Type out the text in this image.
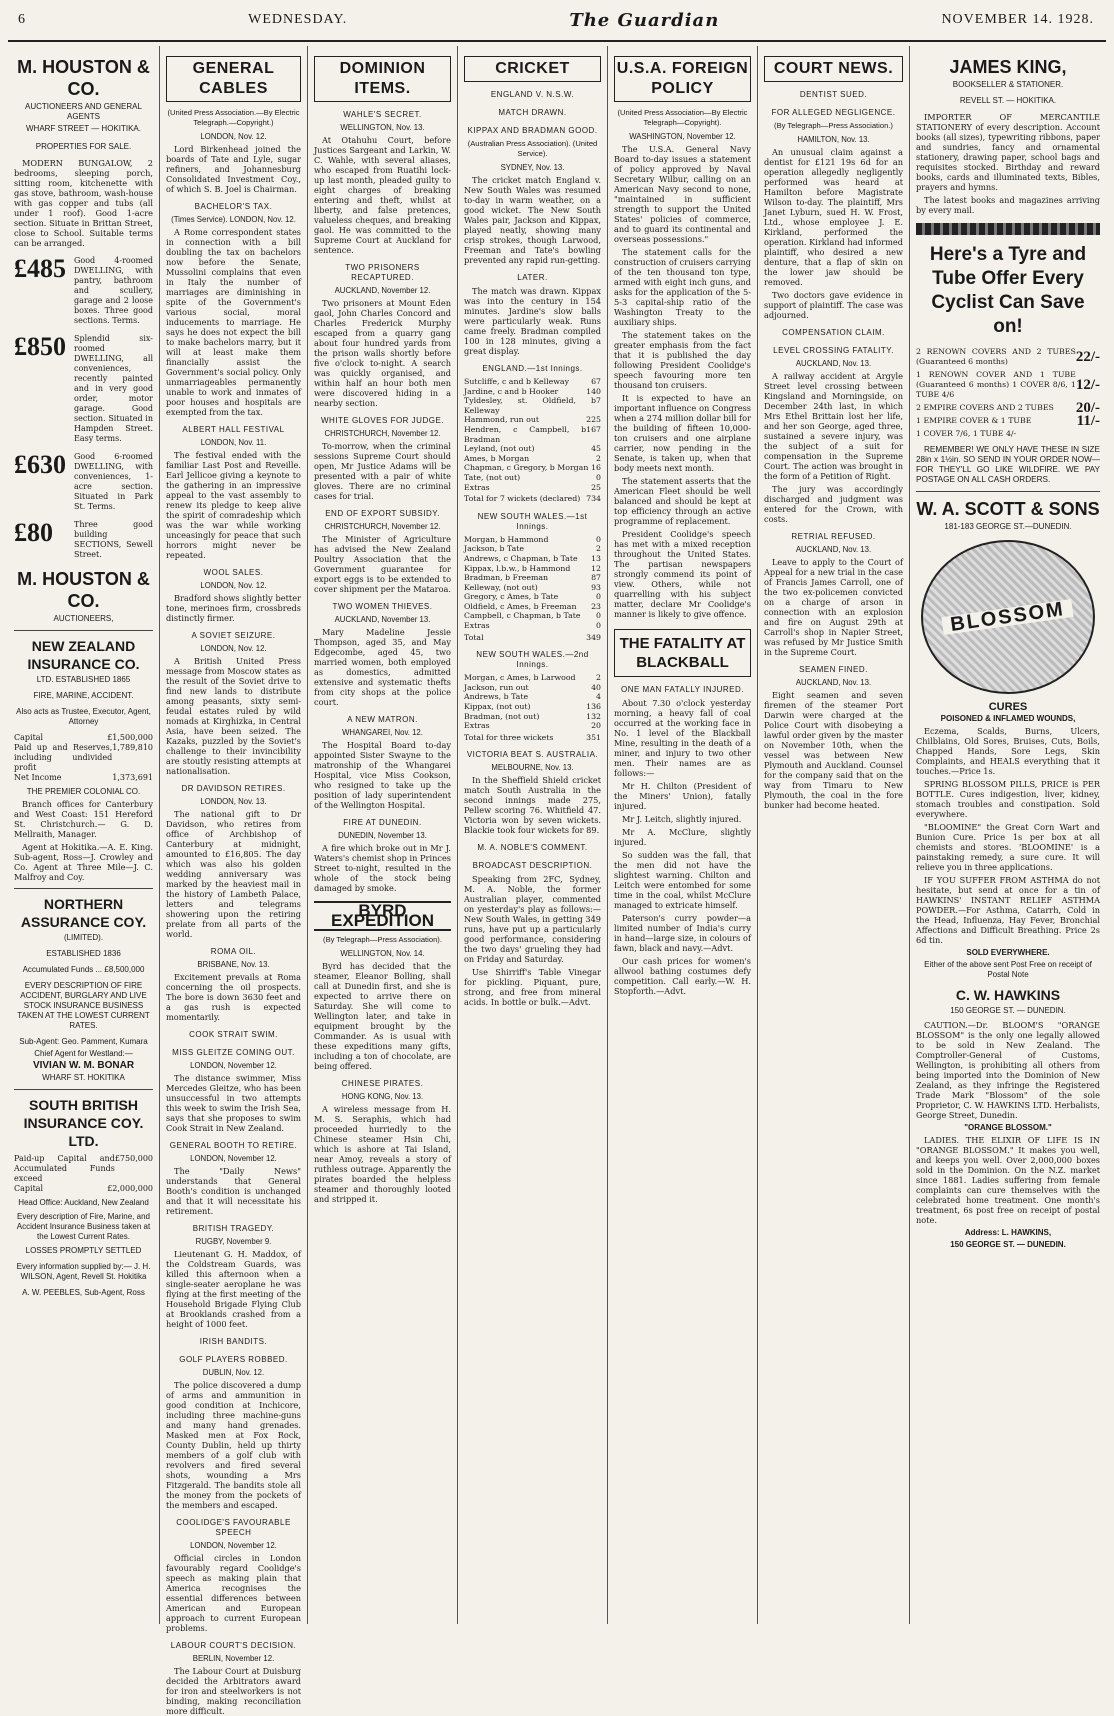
6	WEDNESDAY.	The Guardian	NOVEMBER 14. 1928.
M. HOUSTON & CO.
AUCTIONEERS AND GENERAL AGENTS
WHARF STREET — HOKITIKA.
PROPERTIES FOR SALE.

MODERN BUNGALOW, 2 bedrooms, sleeping porch, sitting room, kitchenette with gas stove, bathroom, wash-house with gas copper and tubs (all under 1 roof). Good 1-acre section. Situate in Brittan Street, close to School. Suitable terms can be arranged.

£485	Good 4-roomed DWELLING, with pantry, bathroom and scullery, garage and 2 loose boxes. Three good sections. Terms.
£850	Splendid six-roomed DWELLING, all conveniences, recently painted and in very good order, motor garage. Good section. Situated in Hampden Street. Easy terms.
£630	Good 6-roomed DWELLING, with conveniences, 1-acre section. Situated in Park St. Terms.
£80	Three good building SECTIONS, Sewell Street.
M. HOUSTON & CO.
AUCTIONEERS,
NEW ZEALAND INSURANCE CO.
LTD. ESTABLISHED 1865
FIRE, MARINE, ACCIDENT.
Also acts as Trustee, Executor, Agent, Attorney
Capital	£1,500,000
Paid up and Reserves, including undivided profit
1,789,810
Net Income	1,373,691
THE PREMIER COLONIAL CO.

Branch offices for Canterbury and West Coast: 151 Hereford St. Christchurch.— G. D. Mellraith, Manager.

Agent at Hokitika.—A. E. King. Sub-agent, Ross—J. Crowley and Co. Agent at Three Mile—J. C. Malfroy and Coy.

NORTHERN ASSURANCE COY.
(LIMITED).
ESTABLISHED 1836
Accumulated Funds ... £8,500,000
EVERY DESCRIPTION OF FIRE ACCIDENT, BURGLARY AND LIVE STOCK INSURANCE BUSINESS TAKEN AT THE LOWEST CURRENT RATES.
Sub-Agent: Geo. Pamment, Kumara
Chief Agent for Westland:—
VIVIAN W. M. BONAR
WHARF ST. HOKITIKA
SOUTH BRITISH INSURANCE COY. LTD.
Paid-up Capital and Accumulated Funds exceed
£750,000
Capital	£2,000,000
Head Office: Auckland, New Zealand
Every description of Fire, Marine, and Accident Insurance Business taken at the Lowest Current Rates.
LOSSES PROMPTLY SETTLED
Every information supplied by:— J. H. WILSON, Agent, Revell St. Hokitika
A. W. PEEBLES, Sub-Agent, Ross
GENERAL CABLES
(United Press Association.—By Electric Telegraph.—Copyright.)
LONDON, Nov. 12.

Lord Birkenhead joined the boards of Tate and Lyle, sugar refiners, and Johannesburg Consolidated Investment Coy., of which S. B. Joel is Chairman.

BACHELOR'S TAX.
(Times Service). LONDON, Nov. 12.

A Rome correspondent states in connection with a bill doubling the tax on bachelors now before the Senate, Mussolini complains that even in Italy the number of marriages are diminishing in spite of the Government's various social, moral inducements to marriage. He says he does not expect the bill to make bachelors marry, but it will at least make them financially assist the Government's social policy. Only unmarriageables permanently unable to work and inmates of poor houses and hospitals are exempted from the tax.

ALBERT HALL FESTIVAL
LONDON, Nov. 11.

The festival ended with the familiar Last Post and Reveille. Earl Jellicoe giving a keynote to the gathering in an impressive appeal to the vast assembly to renew its pledge to keep alive the spirit of comradeship which was the war while working unceasingly for peace that such horrors might never be repeated.

WOOL SALES.
LONDON, Nov. 12.

Bradford shows slightly better tone, merinoes firm, crossbreds distinctly firmer.

A SOVIET SEIZURE.
LONDON, Nov. 12.

A British United Press message from Moscow states as the result of the Soviet drive to find new lands to distribute among peasants, sixty semi-feudal estates ruled by wild nomads at Kirghizka, in Central Asia, have been seized. The Kazaks, puzzled by the Soviet's challenge to their invincibility are stoutly resisting attempts at nationalisation.

DR DAVIDSON RETIRES.
LONDON, Nov. 13.

The national gift to Dr Davidson, who retires from office of Archbishop of Canterbury at midnight, amounted to £16,805. The day which was also his golden wedding anniversary was marked by the heaviest mail in the history of Lambeth Palace, letters and telegrams showering upon the retiring prelate from all parts of the world.

ROMA OIL.
BRISBANE, Nov. 13.

Excitement prevails at Roma concerning the oil prospects. The bore is down 3630 feet and a gas rush is expected momentarily.

COOK STRAIT SWIM.
MISS GLEITZE COMING OUT.
LONDON, November 12.

The distance swimmer, Miss Mercedes Gleitze, who has been unsuccessful in two attempts this week to swim the Irish Sea, says that she proposes to swim Cook Strait in New Zealand.

GENERAL BOOTH TO RETIRE.
LONDON, November 12.

The "Daily News" understands that General Booth's condition is unchanged and that it will necessitate his retirement.

BRITISH TRAGEDY.
RUGBY, November 9.

Lieutenant G. H. Maddox, of the Coldstream Guards, was killed this afternoon when a single-seater aeroplane he was flying at the first meeting of the Household Brigade Flying Club at Brooklands crashed from a height of 1000 feet.

IRISH BANDITS.
GOLF PLAYERS ROBBED.
DUBLIN, Nov. 12.

The police discovered a dump of arms and ammunition in good condition at Inchicore, including three machine-guns and many hand grenades. Masked men at Fox Rock, County Dublin, held up thirty members of a golf club with revolvers and fired several shots, wounding a Mrs Fitzgerald. The bandits stole all the money from the pockets of the members and escaped.

COOLIDGE'S FAVOURABLE SPEECH
LONDON, November 12.

Official circles in London favourably regard Coolidge's speech as making plain that America recognises the essential differences between American and European approach to current European problems.

LABOUR COURT'S DECISION.
BERLIN, November 12.

The Labour Court at Duisburg decided the Arbitrators award for iron and steelworkers is not binding, making reconciliation more difficult.

DOMINION ITEMS.
WAHLE'S SECRET.
WELLINGTON, Nov. 13.

At Otahuhu Court, before Justices Sargeant and Larkin, W. C. Wahle, with several aliases, who escaped from Ruatihi lock-up last month, pleaded guilty to eight charges of breaking entering and theft, whilst at liberty, and false pretences, valueless cheques, and breaking gaol. He was committed to the Supreme Court at Auckland for sentence.

TWO PRISONERS RECAPTURED.
AUCKLAND, November 12.

Two prisoners at Mount Eden gaol, John Charles Concord and Charles Frederick Murphy escaped from a quarry gang about four hundred yards from the prison walls shortly before five o'clock to-night. A search was quickly organised, and within half an hour both men were discovered hiding in a nearby section.

WHITE GLOVES FOR JUDGE.
CHRISTCHURCH, November 12.

To-morrow, when the criminal sessions Supreme Court should open, Mr Justice Adams will be presented with a pair of white gloves. There are no criminal cases for trial.

END OF EXPORT SUBSIDY.
CHRISTCHURCH, November 12.

The Minister of Agriculture has advised the New Zealand Poultry Association that the Government guarantee for export eggs is to be extended to cover shipment per the Mataroa.

TWO WOMEN THIEVES.
AUCKLAND, November 13.

Mary Madeline Jessie Thompson, aged 35, and May Edgecombe, aged 45, two married women, both employed as domestics, admitted extensive and systematic thefts from city shops at the police court.

A NEW MATRON.
WHANGAREI, Nov. 12.

The Hospital Board to-day appointed Sister Swayne to the matronship of the Whangarei Hospital, vice Miss Cookson, who resigned to take up the position of lady superintendent of the Wellington Hospital.

FIRE AT DUNEDIN.
DUNEDIN, November 13.

A fire which broke out in Mr J. Waters's chemist shop in Princes Street to-night, resulted in the whole of the stock being damaged by smoke.

BYRD EXPEDITION
(By Telegraph—Press Association).
WELLINGTON, Nov. 14.

Byrd has decided that the steamer, Eleanor Bolling, shall call at Dunedin first, and she is expected to arrive there on Saturday. She will come to Wellington later, and take in equipment brought by the Commander. As is usual with these expeditions many gifts, including a ton of chocolate, are being offered.

CHINESE PIRATES.
HONG KONG, Nov. 13.

A wireless message from H. M. S. Seraphis, which had proceeded hurriedly to the Chinese steamer Hsin Chi, which is ashore at Tai Island, near Amoy, reveals a story of ruthless outrage. Apparently the pirates boarded the helpless steamer and thoroughly looted and stripped it.

CRICKET
ENGLAND V. N.S.W.
MATCH DRAWN.
KIPPAX AND BRADMAN GOOD.
(Australian Press Association). (United Service).
SYDNEY, Nov. 13.

The cricket match England v. New South Wales was resumed to-day in warm weather, on a good wicket. The New South Wales pair, Jackson and Kippax, played neatly, showing many crisp strokes, though Larwood, Freeman and Tate's bowling prevented any rapid run-getting.

LATER.

The match was drawn. Kippax was into the century in 154 minutes. Jardine's slow balls were particularly weak. Runs came freely. Bradman compiled 100 in 128 minutes, giving a great display.

ENGLAND.—1st Innings.
Sutcliffe, c and b Kelleway	67
Jardine, c and b Hooker	140
Tyldesley, st. Oldfield, b Kelleway
7
Hammond, run out	225
Hendren, c Campbell, b Bradman
167
Leyland, (not out)	45
Ames, b Morgan	2
Chapman, c Gregory, b Morgan 16
Tate, (not out)	0
Extras	25
Total for 7 wickets (declared) 734
NEW SOUTH WALES.—1st Innings.
Morgan, b Hammond	0
Jackson, b Tate	2
Andrews, c Chapman, b Tate 13
Kippax, l.b.w., b Hammond	12
Bradman, b Freeman	87
Kelleway, (not out)	93
Gregory, c Ames, b Tate	0
Oldfield, c Ames, b Freeman 23
Campbell, c Chapman, b Tate 0
Extras	0
Total	349
NEW SOUTH WALES.—2nd Innings.
Morgan, c Ames, b Larwood	2
Jackson, run out	40
Andrews, b Tate	4
Kippax, (not out)	136
Bradman, (not out)	132
Extras	20
Total for three wickets	351
VICTORIA BEAT S. AUSTRALIA.
MELBOURNE, Nov. 13.

In the Sheffield Shield cricket match South Australia in the second innings made 275, Pellew scoring 76. Whitfield 47. Victoria won by seven wickets. Blackie took four wickets for 89.

M. A. NOBLE'S COMMENT.
BROADCAST DESCRIPTION.

Speaking from 2FC, Sydney, M. A. Noble, the former Australian player, commented on yesterday's play as follows:— New South Wales, in getting 349 runs, have put up a particularly good performance, considering the two days' grueling they had on Friday and Saturday.

Use Shirriff's Table Vinegar for pickling. Piquant, pure, strong, and free from mineral acids. In bottle or bulk.—Advt.

U.S.A. FOREIGN POLICY
(United Press Association—By Electric Telegraph—Copyright).
WASHINGTON, November 12.

The U.S.A. General Navy Board to-day issues a statement of policy approved by Naval Secretary Wilbur, calling on an American Navy second to none, "maintained in sufficient strength to support the United States' policies of commerce, and to guard its continental and overseas possessions."

The statement calls for the construction of cruisers carrying of the ten thousand ton type, armed with eight inch guns, and asks for the application of the 5-5-3 capital-ship ratio of the Washington Treaty to the auxiliary ships.

The statement takes on the greater emphasis from the fact that it is published the day following President Coolidge's speech favouring more ten thousand ton cruisers.

It is expected to have an important influence on Congress when a 274 million dollar bill for the building of fifteen 10,000-ton cruisers and one airplane carrier, now pending in the Senate, is taken up, when that body meets next month.

The statement asserts that the American Fleet should be well balanced and should be kept at top efficiency through an active programme of replacement.

President Coolidge's speech has met with a mixed reception throughout the United States. The partisan newspapers strongly commend its point of view. Others, while not quarrelling with his subject matter, declare Mr Coolidge's manner is likely to give offence.

THE FATALITY AT BLACKBALL
ONE MAN FATALLY INJURED.

About 7.30 o'clock yesterday morning, a heavy fall of coal occurred at the working face in No. 1 level of the Blackball Mine, resulting in the death of a miner, and injury to two other men. Their names are as follows:—

Mr H. Chilton (President of the Miners' Union), fatally injured.

Mr J. Leitch, slightly injured.

Mr A. McClure, slightly injured.

So sudden was the fall, that the men did not have the slightest warning. Chilton and Leitch were entombed for some time in the coal, whilst McClure managed to extricate himself.

Paterson's curry powder—a limited number of India's curry in hand—large size, in colours of fawn, black and navy.—Advt.

Our cash prices for women's allwool bathing costumes defy competition. Call early.—W. H. Stopforth.—Advt.

COURT NEWS.
DENTIST SUED.
FOR ALLEGED NEGLIGENCE.
(By Telegraph—Press Association.)
HAMILTON, Nov. 13.

An unusual claim against a dentist for £121 19s 6d for an operation allegedly negligently performed was heard at Hamilton before Magistrate Wilson to-day. The plaintiff, Mrs Janet Lyburn, sued H. W. Frost, Ltd., whose employee J. E. Kirkland, performed the operation. Kirkland had informed plaintiff, who desired a new denture, that a flap of skin on the lower jaw should be removed.

Two doctors gave evidence in support of plaintiff. The case was adjourned.

COMPENSATION CLAIM.
LEVEL CROSSING FATALITY.
AUCKLAND, Nov. 13.

A railway accident at Argyle Street level crossing between Kingsland and Morningside, on December 24th last, in which Mrs Ethel Brittain lost her life, and her son George, aged three, sustained a severe injury, was the subject of a suit for compensation in the Supreme Court. The action was brought in the form of a Petition of Right.

The jury was accordingly discharged and judgment was entered for the Crown, with costs.

RETRIAL REFUSED.
AUCKLAND, Nov. 13.

Leave to apply to the Court of Appeal for a new trial in the case of Francis James Carroll, one of the two ex-policemen convicted on a charge of arson in connection with an explosion and fire on August 29th at Carroll's shop in Napier Street, was refused by Mr Justice Smith in the Supreme Court.

SEAMEN FINED.
AUCKLAND, Nov. 13.

Eight seamen and seven firemen of the steamer Port Darwin were charged at the Police Court with disobeying a lawful order given by the master on November 10th, when the vessel was between New Plymouth and Auckland. Counsel for the company said that on the way from Timaru to New Plymouth, the coal in the fore bunker had become heated.

JAMES KING,
BOOKSELLER & STATIONER.
REVELL ST. — HOKITIKA.

IMPORTER OF MERCANTILE STATIONERY of every description. Account books (all sizes), typewriting ribbons, paper and sundries, fancy and ornamental stationery, drawing paper, school bags and requisites stocked. Birthday and reward books, cards and illuminated texts, Bibles, prayers and hymns.

The latest books and magazines arriving by every mail.

Here's a Tyre and Tube Offer Every Cyclist Can Save on!
2 RENOWN COVERS AND 2 TUBES (Guaranteed 6 months)	22/-
1 RENOWN COVER AND 1 TUBE (Guaranteed 6 months) 1 COVER 8/6, 1 TUBE 4/6
12/-
2 EMPIRE COVERS AND 2 TUBES 20/-
1 EMPIRE COVER & 1 TUBE	11/-
1 COVER 7/6, 1 TUBE 4/-

REMEMBER! WE ONLY HAVE THESE IN SIZE 28in x 1½in. SO SEND IN YOUR ORDER NOW— FOR THEY'LL GO LIKE WILDFIRE. WE PAY POSTAGE ON ALL CASH ORDERS.

W. A. SCOTT & SONS
181-183 GEORGE ST.—DUNEDIN.
BLOSSOM
CURES
POISONED & INFLAMED WOUNDS,

Eczema, Scalds, Burns, Ulcers, Chilblains, Old Sores, Bruises, Cuts, Boils, Chapped Hands, Sore Legs, Skin Complaints, and HEALS everything that it touches.—Price 1s.

SPRING BLOSSOM PILLS, PRICE is PER BOTTLE. Cures indigestion, liver, kidney, stomach troubles and constipation. Sold everywhere.

"BLOOMINE" the Great Corn Wart and Bunion Cure. Price 1s per box at all chemists and stores. 'BLOOMINE' is a painstaking remedy, a sure cure. It will relieve you in three applications.

IF YOU SUFFER FROM ASTHMA do not hesitate, but send at once for a tin of HAWKINS' INSTANT RELIEF ASTHMA POWDER.—For Asthma, Catarrh, Cold in the Head, Influenza, Hay Fever, Bronchial Affections and Difficult Breathing. Price 2s 6d tin.

SOLD EVERYWHERE.
Either of the above sent Post Free on receipt of Postal Note
C. W. HAWKINS
150 GEORGE ST. — DUNEDIN.

CAUTION.—Dr. BLOOM'S "ORANGE BLOSSOM" is the only one legally allowed to be sold in New Zealand. The Comptroller-General of Customs, Wellington, is prohibiting all others from being imported into the Dominion of New Zealand, as they infringe the Registered Trade Mark "Blossom" of the sole Proprietor, C. W. HAWKINS LTD. Herbalists, George Street, Dunedin.

"ORANGE BLOSSOM."

LADIES. THE ELIXIR OF LIFE IS IN "ORANGE BLOSSOM." It makes you well, and keeps you well. Over 2,000,000 boxes sold in the Dominion. On the N.Z. market since 1881. Ladies suffering from female complaints can cure themselves with the celebrated home treatment. One month's treatment, 6s post free on receipt of postal note.

Address: L. HAWKINS,
150 GEORGE ST. — DUNEDIN.
